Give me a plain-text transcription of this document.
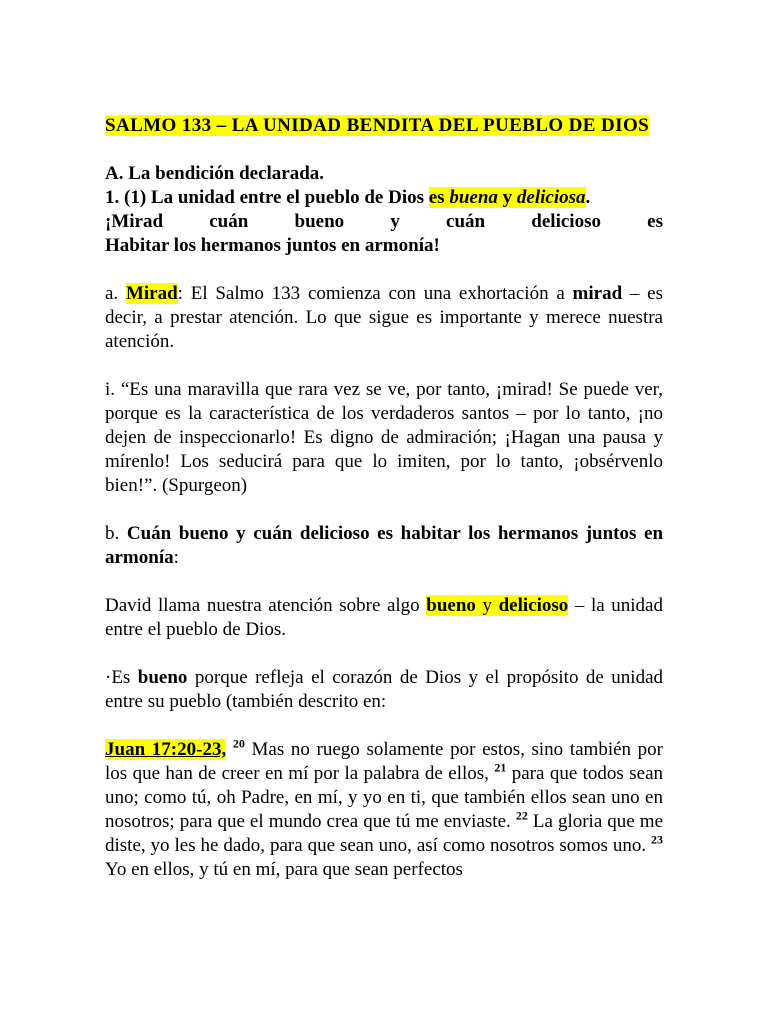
SALMO 133 – LA UNIDAD BENDITA DEL PUEBLO DE DIOS

A. La bendición declarada.

1. (1) La unidad entre el pueblo de Dios es buena y deliciosa.

¡Mirad cuán bueno y cuán delicioso es

Habitar los hermanos juntos en armonía!

a. Mirad: El Salmo 133 comienza con una exhortación a mirad – es decir, a prestar atención. Lo que sigue es importante y merece nuestra atención.

i. “Es una maravilla que rara vez se ve, por tanto, ¡mirad! Se puede ver, porque es la característica de los verdaderos santos – por lo tanto, ¡no dejen de inspeccionarlo! Es digno de admiración; ¡Hagan una pausa y mírenlo! Los seducirá para que lo imiten, por lo tanto, ¡obsérvenlo bien!”. (Spurgeon)

b. Cuán bueno y cuán delicioso es habitar los hermanos juntos en armonía:

David llama nuestra atención sobre algo bueno y delicioso – la unidad entre el pueblo de Dios.

·Es bueno porque refleja el corazón de Dios y el propósito de unidad entre su pueblo (también descrito en:

Juan 17:20-23, $^{20}$ Mas no ruego solamente por estos, sino también por los que han de creer en mí por la palabra de ellos, $^{21}$ para que todos sean uno; como tú, oh Padre, en mí, y yo en ti, que también ellos sean uno en nosotros; para que el mundo crea que tú me enviaste. $^{22}$ La gloria que me diste, yo les he dado, para que sean uno, así como nosotros somos uno. $^{23}$ Yo en ellos, y tú en mí, para que sean perfectos
